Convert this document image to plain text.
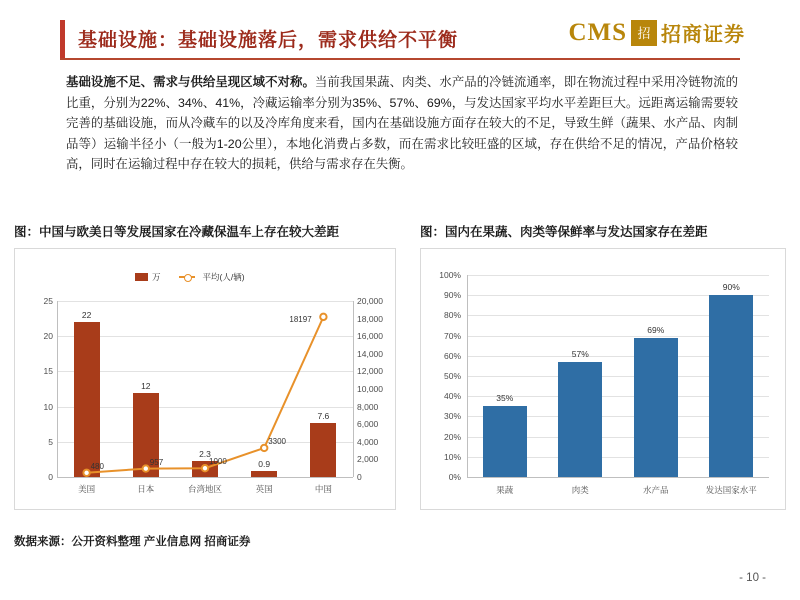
基础设施：基础设施落后，需求供给不平衡	CMS 招 招商证券
基础设施不足、需求与供给呈现区域不对称。当前我国果蔬、肉类、水产品的冷链流通率，即在物流过程中采用冷链物流的比重，分别为22%、34%、41%，冷藏运输率分别为35%、57%、69%，与发达国家平均水平差距巨大。远距离运输需要较完善的基础设施，而从冷藏车的以及冷库角度来看，国内在基础设施方面存在较大的不足，导致生鲜（蔬果、水产品、肉制品等）运输半径小（一般为1-20公里），本地化消费占多数，而在需求比较旺盛的区域，存在供给不足的情况，产品价格较高，同时在运输过程中存在较大的损耗，供给与需求存在失衡。
图：中国与欧美日等发展国家在冷藏保温车上存在较大差距	图：国内在果蔬、肉类等保鲜率与发达国家存在差距
万	平均(人/辆)
0
5
10
15
20
25
0
2,000
4,000
6,000
8,000
10,000
12,000
14,000
16,000
18,000
20,000
22
美国
12
日本
2.3
台湾地区
0.9
英国
7.6
中国
480	957	1000
3300
18197
0%
10%
20%
30%
40%
50%
60%
70%
80%
90%
100%
35%
果蔬
57%
肉类
69%
水产品
90%
发达国家水平
数据来源：公开资料整理 产业信息网 招商证券
- 10 -
